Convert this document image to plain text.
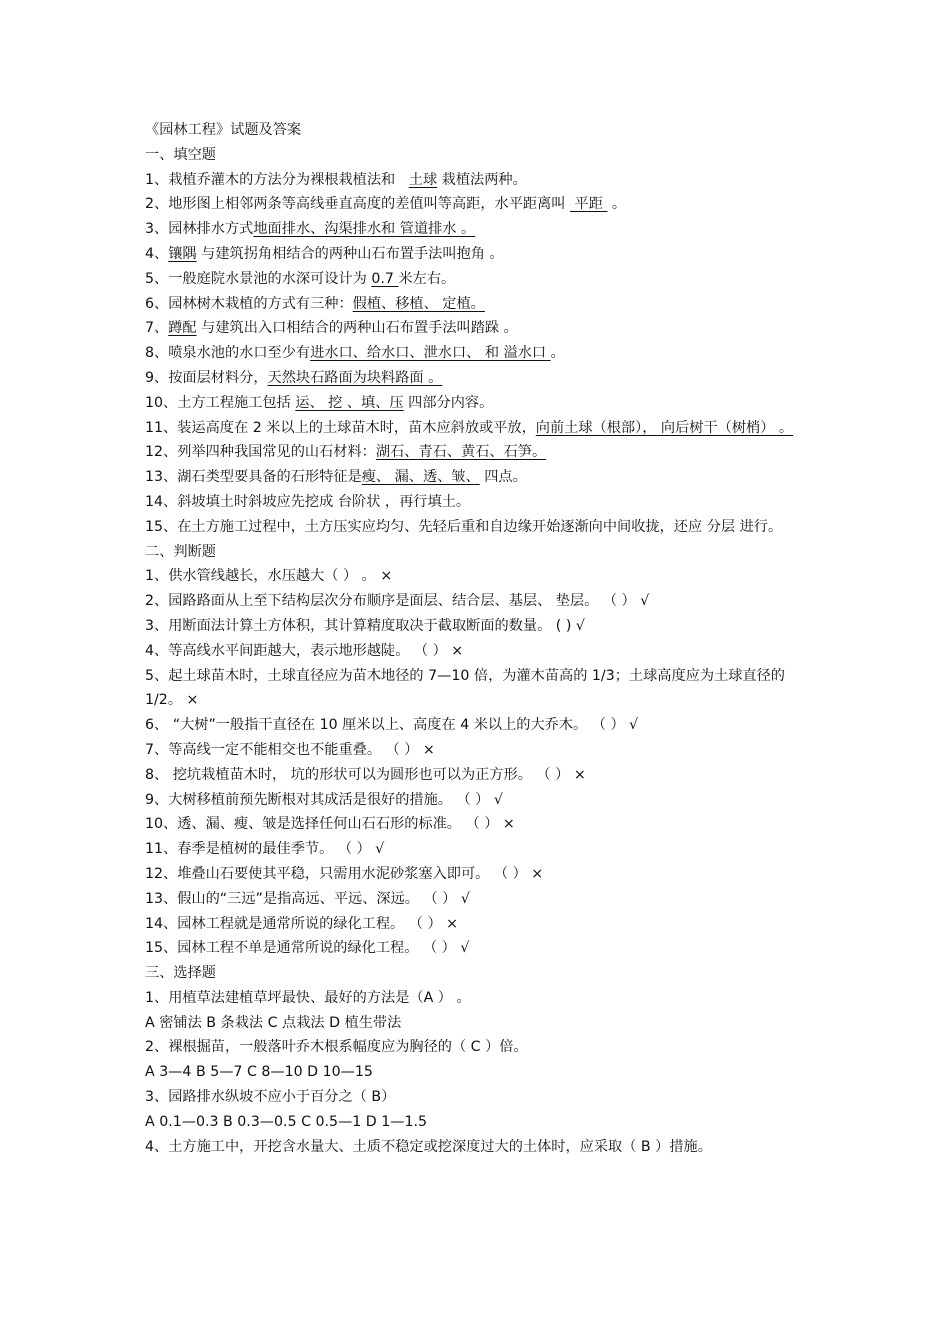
《园林工程》试题及答案
一、填空题
1、栽植乔灌木的方法分为裸根栽植法和 土球 栽植法两种。
2、地形图上相邻两条等高线垂直高度的差值叫等高距，水平距离叫 平距 。
3、园林排水方式地面排水、沟渠排水和 管道排水 。
4、镶隅 与建筑拐角相结合的两种山石布置手法叫抱角 。
5、一般庭院水景池的水深可设计为 0.7 米左右。
6、园林树木栽植的方式有三种：假植、移植、 定植。
7、蹲配 与建筑出入口相结合的两种山石布置手法叫踏跺 。
8、喷泉水池的水口至少有进水口、给水口、泄水口、 和 溢水口 。
9、按面层材料分，天然块石路面为块料路面 。
10、土方工程施工包括 运、 挖 、填、压 四部分内容。
11、装运高度在 2 米以上的土球苗木时，苗木应斜放或平放，向前土球（根部）， 向后树干（树梢） 。
12、列举四种我国常见的山石材料：湖石、青石、黄石、石笋。
13、湖石类型要具备的石形特征是瘦、 漏、透、皱、 四点。
14、斜坡填土时斜坡应先挖成 台阶状 ，再行填土。
15、在土方施工过程中，土方压实应均匀、先轻后重和自边缘开始逐渐向中间收拢，还应 分层 进行。
二、判断题
1、供水管线越长，水压越大（ ） 。 ×
2、园路路面从上至下结构层次分布顺序是面层、结合层、基层、 垫层。 （ ） √
3、用断面法计算土方体积，其计算精度取决于截取断面的数量。 ( ) √
4、等高线水平间距越大，表示地形越陡。 （ ） ×
5、起土球苗木时，土球直径应为苗木地径的 7—10 倍，为灌木苗高的 1/3；土球高度应为土球直径的 1/2。 ×
6、 “大树”一般指干直径在 10 厘米以上、高度在 4 米以上的大乔木。 （ ） √
7、等高线一定不能相交也不能重叠。 （ ） ×
8、 挖坑栽植苗木时， 坑的形状可以为圆形也可以为正方形。 （ ） ×
9、大树移植前预先断根对其成活是很好的措施。 （ ） √
10、透、漏、瘦、皱是选择任何山石石形的标准。 （ ） ×
11、春季是植树的最佳季节。 （ ） √
12、堆叠山石要使其平稳，只需用水泥砂浆塞入即可。 （ ） ×
13、假山的“三远”是指高远、平远、深远。 （ ） √
14、园林工程就是通常所说的绿化工程。 （ ） ×
15、园林工程不单是通常所说的绿化工程。 （ ） √
三、选择题
1、用植草法建植草坪最快、最好的方法是（A ） 。
A 密铺法 B 条栽法 C 点栽法 D 植生带法
2、裸根掘苗，一般落叶乔木根系幅度应为胸径的（ C ）倍。
A 3—4 B 5—7 C 8—10 D 10—15
3、园路排水纵坡不应小于百分之（ B）
A 0.1—0.3 B 0.3—0.5 C 0.5—1 D 1—1.5
4、土方施工中，开挖含水量大、土质不稳定或挖深度过大的土体时，应采取（ B ）措施。
